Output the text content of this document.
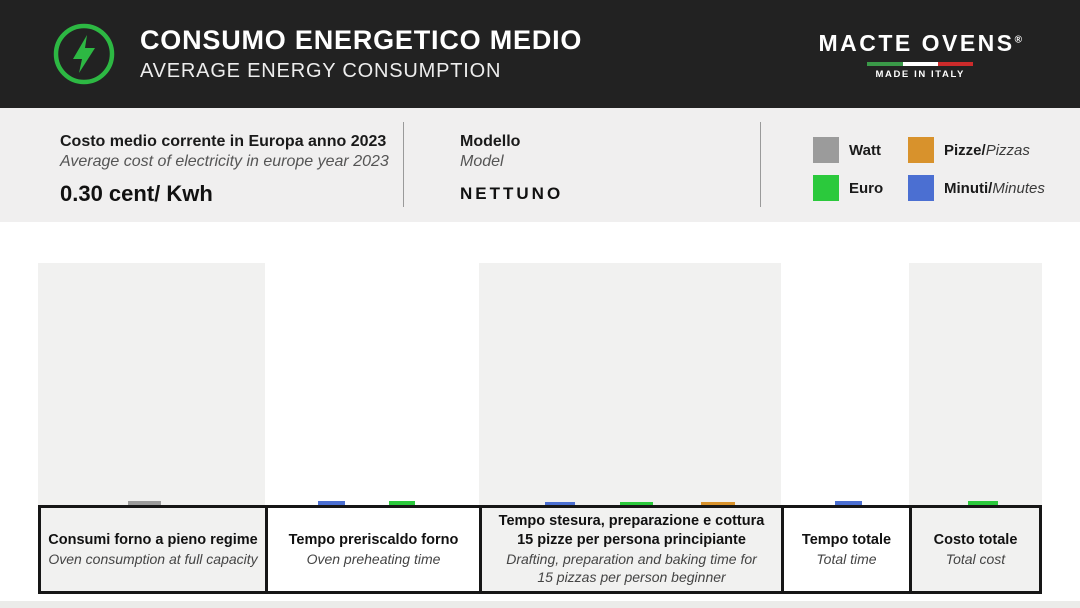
CONSUMO ENERGETICO MEDIO
AVERAGE ENERGY CONSUMPTION
MACTE OVENS®
MADE IN ITALY
Costo medio corrente in Europa anno 2023
Average cost of electricity in europe year 2023
0.30 cent/ Kwh
Modello
Model
NETTUNO
Watt	Pizze/Pizzas
Euro	Minuti/Minutes
Consumi forno a pieno regime
Oven consumption at full capacity
Tempo preriscaldo forno
Oven preheating time
Tempo stesura, preparazione e cottura
15 pizze per persona principiante
Drafting, preparation and baking time for
15 pizzas per person beginner
Tempo totale
Total time
Costo totale
Total cost
